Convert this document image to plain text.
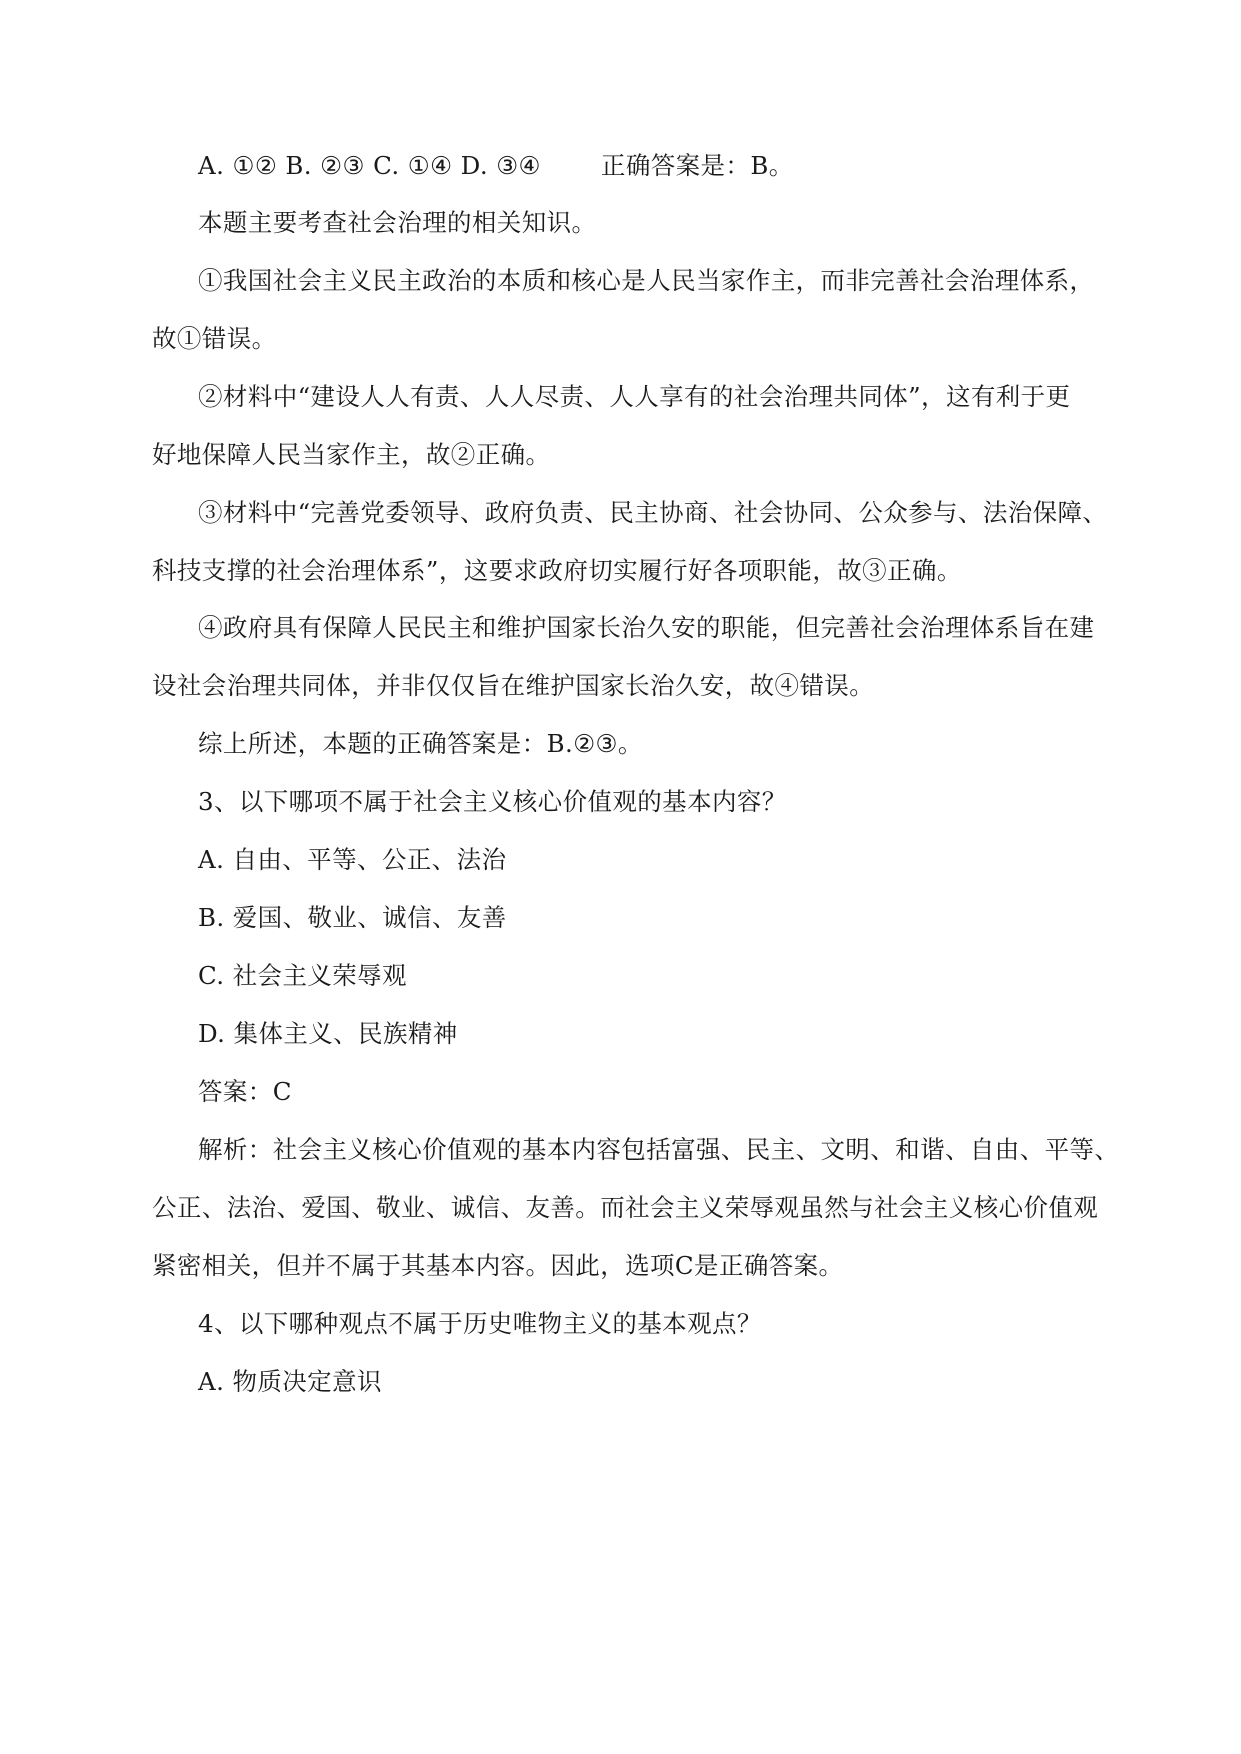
A. ①② B. ②③ C. ①④ D. ③④ 正确答案是：B。
本题主要考查社会治理的相关知识。
①我国社会主义民主政治的本质和核心是人民当家作主，而非完善社会治理体系，
故①错误。
②材料中“建设人人有责、人人尽责、人人享有的社会治理共同体”，这有利于更
好地保障人民当家作主，故②正确。
③材料中“完善党委领导、政府负责、民主协商、社会协同、公众参与、法治保障、
科技支撑的社会治理体系”，这要求政府切实履行好各项职能，故③正确。
④政府具有保障人民民主和维护国家长治久安的职能，但完善社会治理体系旨在建
设社会治理共同体，并非仅仅旨在维护国家长治久安，故④错误。
综上所述，本题的正确答案是：B.②③。
3、以下哪项不属于社会主义核心价值观的基本内容？
A. 自由、平等、公正、法治
B. 爱国、敬业、诚信、友善
C. 社会主义荣辱观
D. 集体主义、民族精神
答案：C
解析：社会主义核心价值观的基本内容包括富强、民主、文明、和谐、自由、平等、
公正、法治、爱国、敬业、诚信、友善。而社会主义荣辱观虽然与社会主义核心价值观
紧密相关，但并不属于其基本内容。因此，选项C是正确答案。
4、以下哪种观点不属于历史唯物主义的基本观点？
A. 物质决定意识
